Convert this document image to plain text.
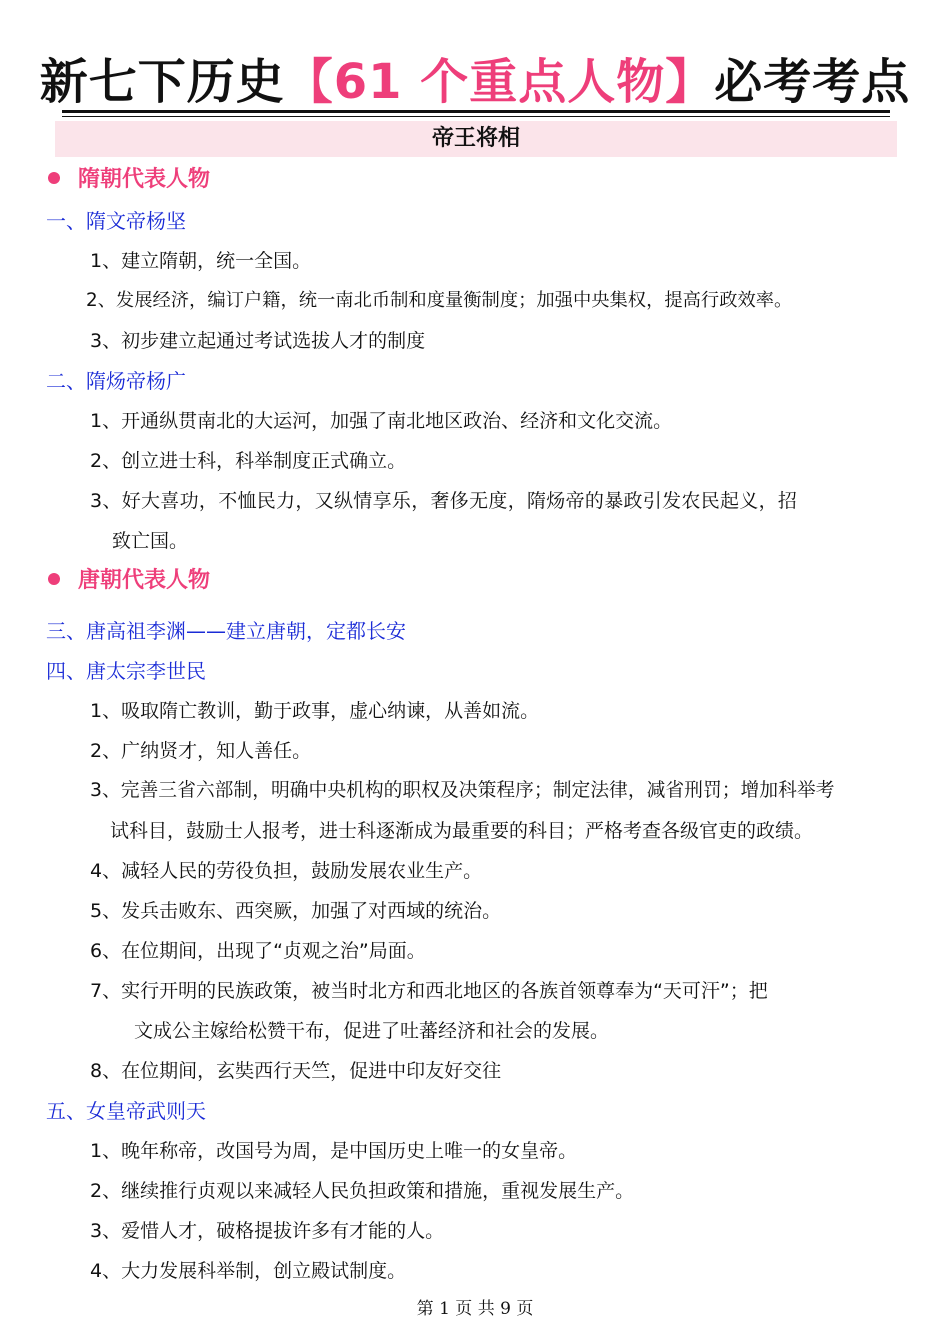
新七下历史【61 个重点人物】必考考点
帝王将相
隋朝代表人物
一、隋文帝杨坚
1、建立隋朝，统一全国。
2、发展经济，编订户籍，统一南北币制和度量衡制度；加强中央集权，提高行政效率。
3、初步建立起通过考试选拔人才的制度
二、隋炀帝杨广
1、开通纵贯南北的大运河，加强了南北地区政治、经济和文化交流。
2、创立进士科，科举制度正式确立。
3、好大喜功，不恤民力，又纵情享乐，奢侈无度，隋炀帝的暴政引发农民起义，招
致亡国。
唐朝代表人物
三、唐高祖李渊——建立唐朝，定都长安
四、唐太宗李世民
1、吸取隋亡教训，勤于政事，虚心纳谏，从善如流。
2、广纳贤才，知人善任。
3、完善三省六部制，明确中央机构的职权及决策程序；制定法律，减省刑罚；增加科举考
试科目，鼓励士人报考，进士科逐渐成为最重要的科目；严格考查各级官吏的政绩。
4、减轻人民的劳役负担，鼓励发展农业生产。
5、发兵击败东、西突厥，加强了对西域的统治。
6、在位期间，出现了“贞观之治”局面。
7、实行开明的民族政策，被当时北方和西北地区的各族首领尊奉为“天可汗”；把
文成公主嫁给松赞干布，促进了吐蕃经济和社会的发展。
8、在位期间，玄奘西行天竺，促进中印友好交往
五、女皇帝武则天
1、晚年称帝，改国号为周，是中国历史上唯一的女皇帝。
2、继续推行贞观以来减轻人民负担政策和措施，重视发展生产。
3、爱惜人才，破格提拔许多有才能的人。
4、大力发展科举制，创立殿试制度。
第 1 页 共 9 页
